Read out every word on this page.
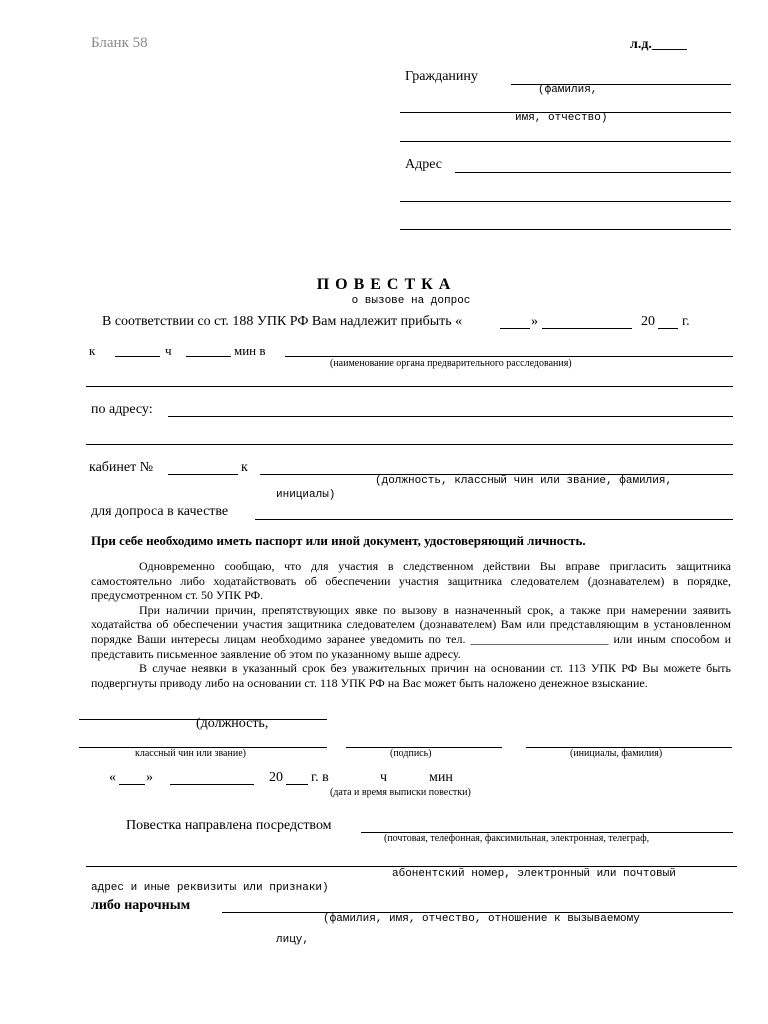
Бланк 58	л.д._____
Гражданину
(фамилия,
имя, отчество)
Адрес
П О В Е С Т К А
о вызове на допрос
В соответствии со ст. 188 УПК РФ Вам надлежит прибыть «	»	20 г.
к	ч	мин в
(наименование органа предварительного расследования)
по адресу:
кабинет №	к
(должность, классный чин или звание, фамилия,
инициалы)
для допроса в качестве
При себе необходимо иметь паспорт или иной документ, удостоверяющий личность.

Одновременно сообщаю, что для участия в следственном действии Вы вправе пригласить защитника самостоятельно либо ходатайствовать об обеспечении участия защитника следователем (дознавателем) в порядке, предусмотренном ст. 50 УПК РФ.

При наличии причин, препятствующих явке по вызову в назначенный срок, а также при намерении заявить ходатайства об обеспечении участия защитника следователем (дознавателем) Вам или представляющим в установленном порядке Ваши интересы лицам необходимо заранее уведомить по тел. _______________________ или иным способом и представить письменное заявление об этом по указанному выше адресу.

В случае неявки в указанный срок без уважительных причин на основании ст. 113 УПК РФ Вы можете быть подвергнуты приводу либо на основании ст. 118 УПК РФ на Вас может быть наложено денежное взыскание.

(должность,
классный чин или звание)	(подпись)	(инициалы, фамилия)
« »	20 г. в	ч	мин
(дата и время выписки повестки)
Повестка направлена посредством
(почтовая, телефонная, факсимильная, электронная, телеграф,
абонентский номер, электронный или почтовый
адрес и иные реквизиты или признаки)
либо нарочным
(фамилия, имя, отчество, отношение к вызываемому
лицу,
